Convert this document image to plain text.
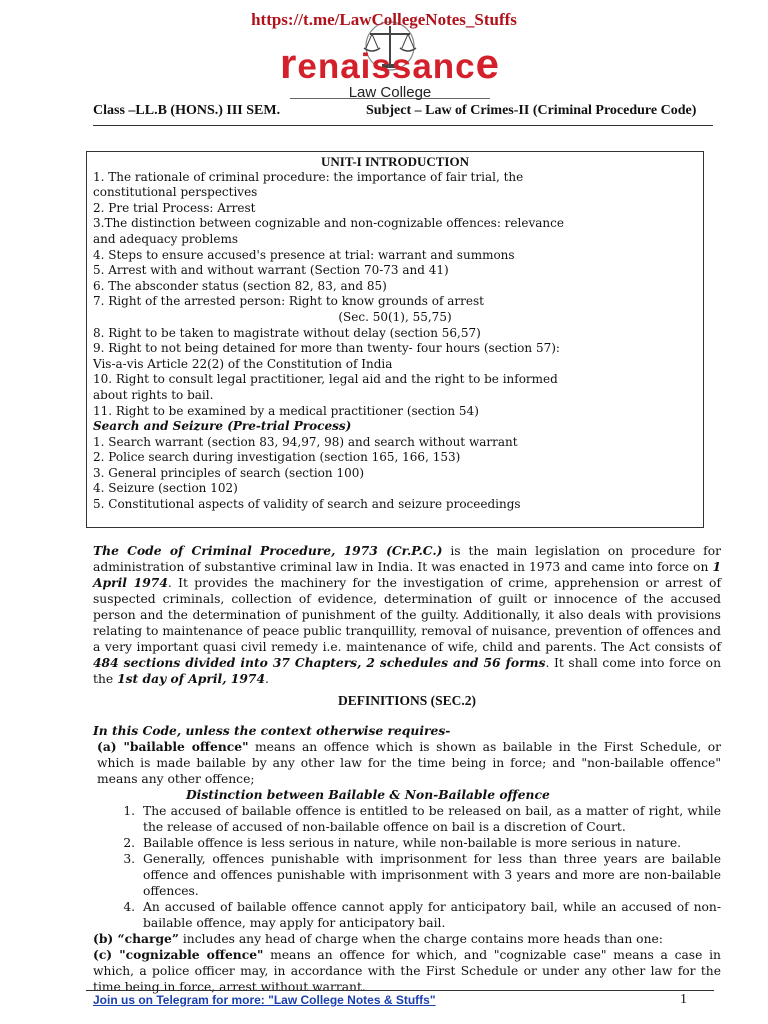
https://t.me/LawCollegeNotes_Stuffs
renaissance
Law College
Class –LL.B (HONS.) III SEM.	Subject – Law of Crimes-II (Criminal Procedure Code)
UNIT-I INTRODUCTION
1. The rationale of criminal procedure: the importance of fair trial, the
constitutional perspectives
2. Pre trial Process: Arrest
3.The distinction between cognizable and non-cognizable offences: relevance
and adequacy problems
4. Steps to ensure accused's presence at trial: warrant and summons
5. Arrest with and without warrant (Section 70-73 and 41)
6. The absconder status (section 82, 83, and 85)
7. Right of the arrested person: Right to know grounds of arrest
(Sec. 50(1), 55,75)
8. Right to be taken to magistrate without delay (section 56,57)
9. Right to not being detained for more than twenty- four hours (section 57):
Vis-a-vis Article 22(2) of the Constitution of India
10. Right to consult legal practitioner, legal aid and the right to be informed
about rights to bail.
11. Right to be examined by a medical practitioner (section 54)
Search and Seizure (Pre-trial Process)
1. Search warrant (section 83, 94,97, 98) and search without warrant
2. Police search during investigation (section 165, 166, 153)
3. General principles of search (section 100)
4. Seizure (section 102)
5. Constitutional aspects of validity of search and seizure proceedings

The Code of Criminal Procedure, 1973 (Cr.P.C.) is the main legislation on procedure for administration of substantive criminal law in India. It was enacted in 1973 and came into force on 1 April 1974. It provides the machinery for the investigation of crime, apprehension or arrest of suspected criminals, collection of evidence, determination of guilt or innocence of the accused person and the determination of punishment of the guilty. Additionally, it also deals with provisions relating to maintenance of peace public tranquillity, removal of nuisance, prevention of offences and a very important quasi civil remedy i.e. maintenance of wife, child and parents. The Act consists of 484 sections divided into 37 Chapters, 2 schedules and 56 forms. It shall come into force on the 1st day of April, 1974.

DEFINITIONS (SEC.2)

In this Code, unless the context otherwise requires-

(a) "bailable offence" means an offence which is shown as bailable in the First Schedule, or which is made bailable by any other law for the time being in force; and "non-bailable offence" means any other offence;

Distinction between Bailable & Non-Bailable offence

1. The accused of bailable offence is entitled to be released on bail, as a matter of right, while the release of accused of non-bailable offence on bail is a discretion of Court.
2. Bailable offence is less serious in nature, while non-bailable is more serious in nature.
3. Generally, offences punishable with imprisonment for less than three years are bailable offence and offences punishable with imprisonment with 3 years and more are non-bailable offences.
4. An accused of bailable offence cannot apply for anticipatory bail, while an accused of non-bailable offence, may apply for anticipatory bail.

(b) “charge” includes any head of charge when the charge contains more heads than one:

(c) "cognizable offence" means an offence for which, and "cognizable case" means a case in which, a police officer may, in accordance with the First Schedule or under any other law for the time being in force, arrest without warrant.

Join us on Telegram for more: "Law College Notes & Stuffs"	1
